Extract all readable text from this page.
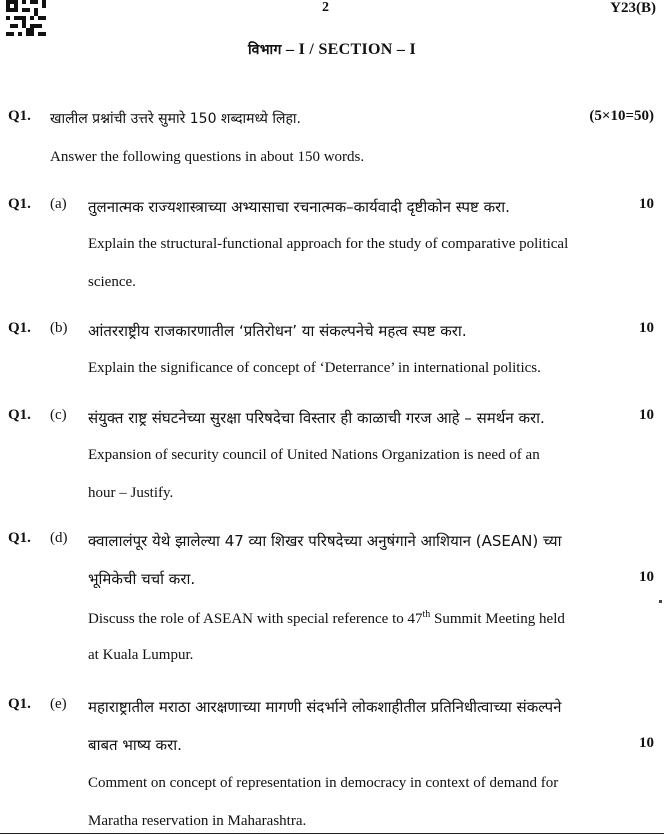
2	Y23(B)
विभाग – I / SECTION – I
Q1. खालील प्रश्नांची उत्तरे सुमारे 150 शब्दामध्ये लिहा.	(5×10=50)
Answer the following questions in about 150 words.
Q1. (a) तुलनात्मक राज्यशास्त्राच्या अभ्यासाचा रचनात्मक–कार्यवादी दृष्टीकोन स्पष्ट करा.	10
Explain the structural-functional approach for the study of comparative political
science.
Q1. (b) आंतरराष्ट्रीय राजकारणातील ‘प्रतिरोधन’ या संकल्पनेचे महत्व स्पष्ट करा.	10
Explain the significance of concept of ‘Deterrance’ in international politics.
Q1. (c) संयुक्त राष्ट्र संघटनेच्या सुरक्षा परिषदेचा विस्तार ही काळाची गरज आहे – समर्थन करा.	10
Expansion of security council of United Nations Organization is need of an
hour – Justify.
Q1. (d) क्वालालंपूर येथे झालेल्या 47 व्या शिखर परिषदेच्या अनुषंगाने आशियान (ASEAN) च्या
भूमिकेची चर्चा करा.	10
Discuss the role of ASEAN with special reference to 47th Summit Meeting held
at Kuala Lumpur.
Q1. (e) महाराष्ट्रातील मराठा आरक्षणाच्या मागणी संदर्भाने लोकशाहीतील प्रतिनिधीत्वाच्या संकल्पने
बाबत भाष्य करा.	10
Comment on concept of representation in democracy in context of demand for
Maratha reservation in Maharashtra.
